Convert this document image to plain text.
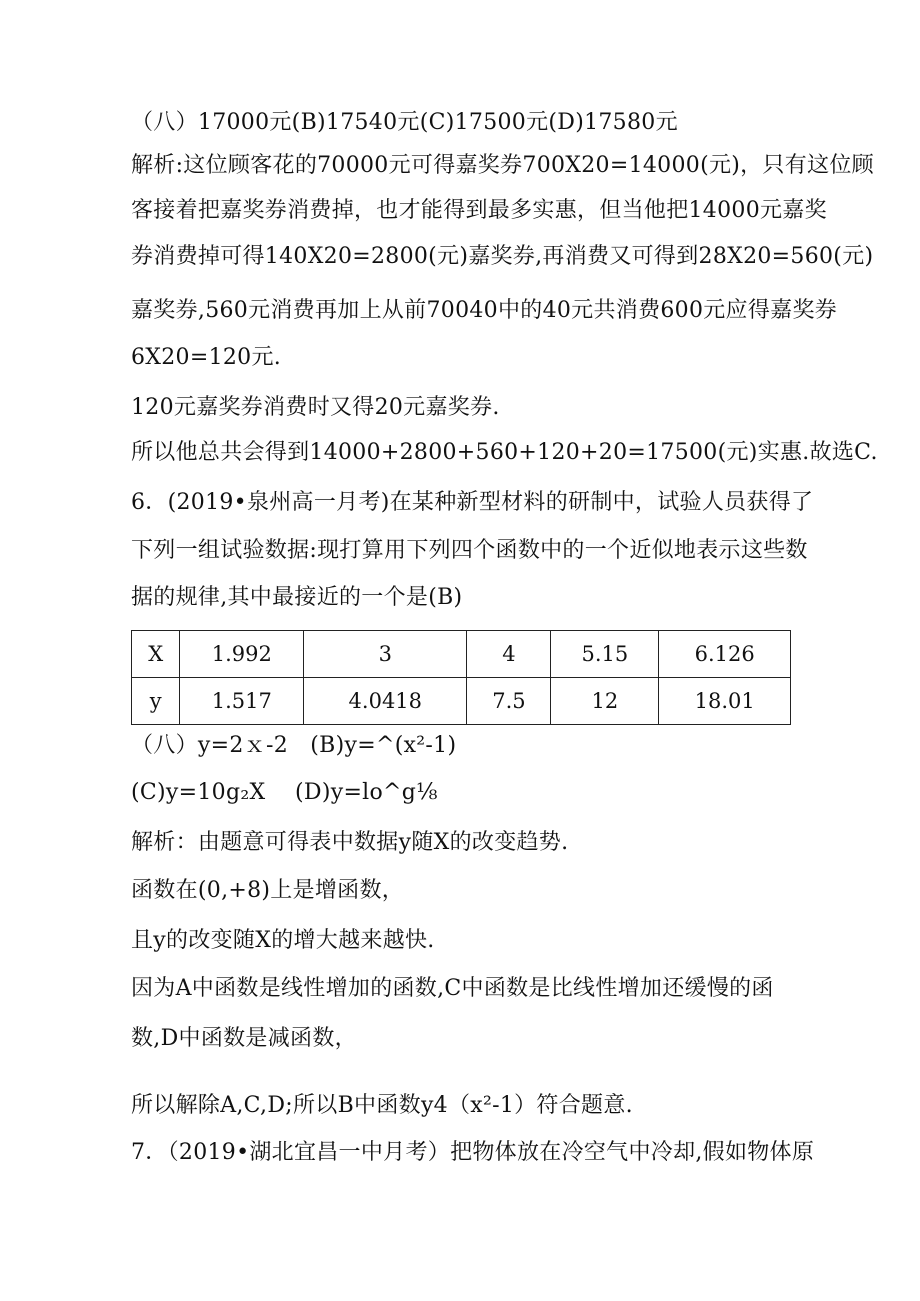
（八）17000元(B)17540元(C)17500元(D)17580元
解析:这位顾客花的70000元可得嘉奖券700X20=14000(元)，只有这位顾
客接着把嘉奖券消费掉，也才能得到最多实惠，但当他把14000元嘉奖
券消费掉可得140X20=2800(元)嘉奖券,再消费又可得到28X20=560(元)
嘉奖券,560元消费再加上从前70040中的40元共消费600元应得嘉奖券
6X20=120元.
120元嘉奖券消费时又得20元嘉奖券.
所以他总共会得到14000+2800+560+120+20=17500(元)实惠.故选C.
6．(2019•泉州高一月考)在某种新型材料的研制中，试验人员获得了
下列一组试验数据:现打算用下列四个函数中的一个近似地表示这些数
据的规律,其中最接近的一个是(B)
X	1.992	3	4	5.15	6.126
y	1.517	4.0418	7.5	12	18.01
（八）y=2ｘ-2　(B)y=^(x²-1)
(C)y=10g₂X　 (D)y=lo^g⅛
解析：由题意可得表中数据y随X的改变趋势.
函数在(0,+8)上是增函数，
且y的改变随X的增大越来越快.
因为A中函数是线性增加的函数,C中函数是比线性增加还缓慢的函
数,D中函数是减函数，
所以解除A,C,D;所以B中函数y4（x²-1）符合题意.
7．（2019•湖北宜昌一中月考）把物体放在冷空气中冷却,假如物体原
